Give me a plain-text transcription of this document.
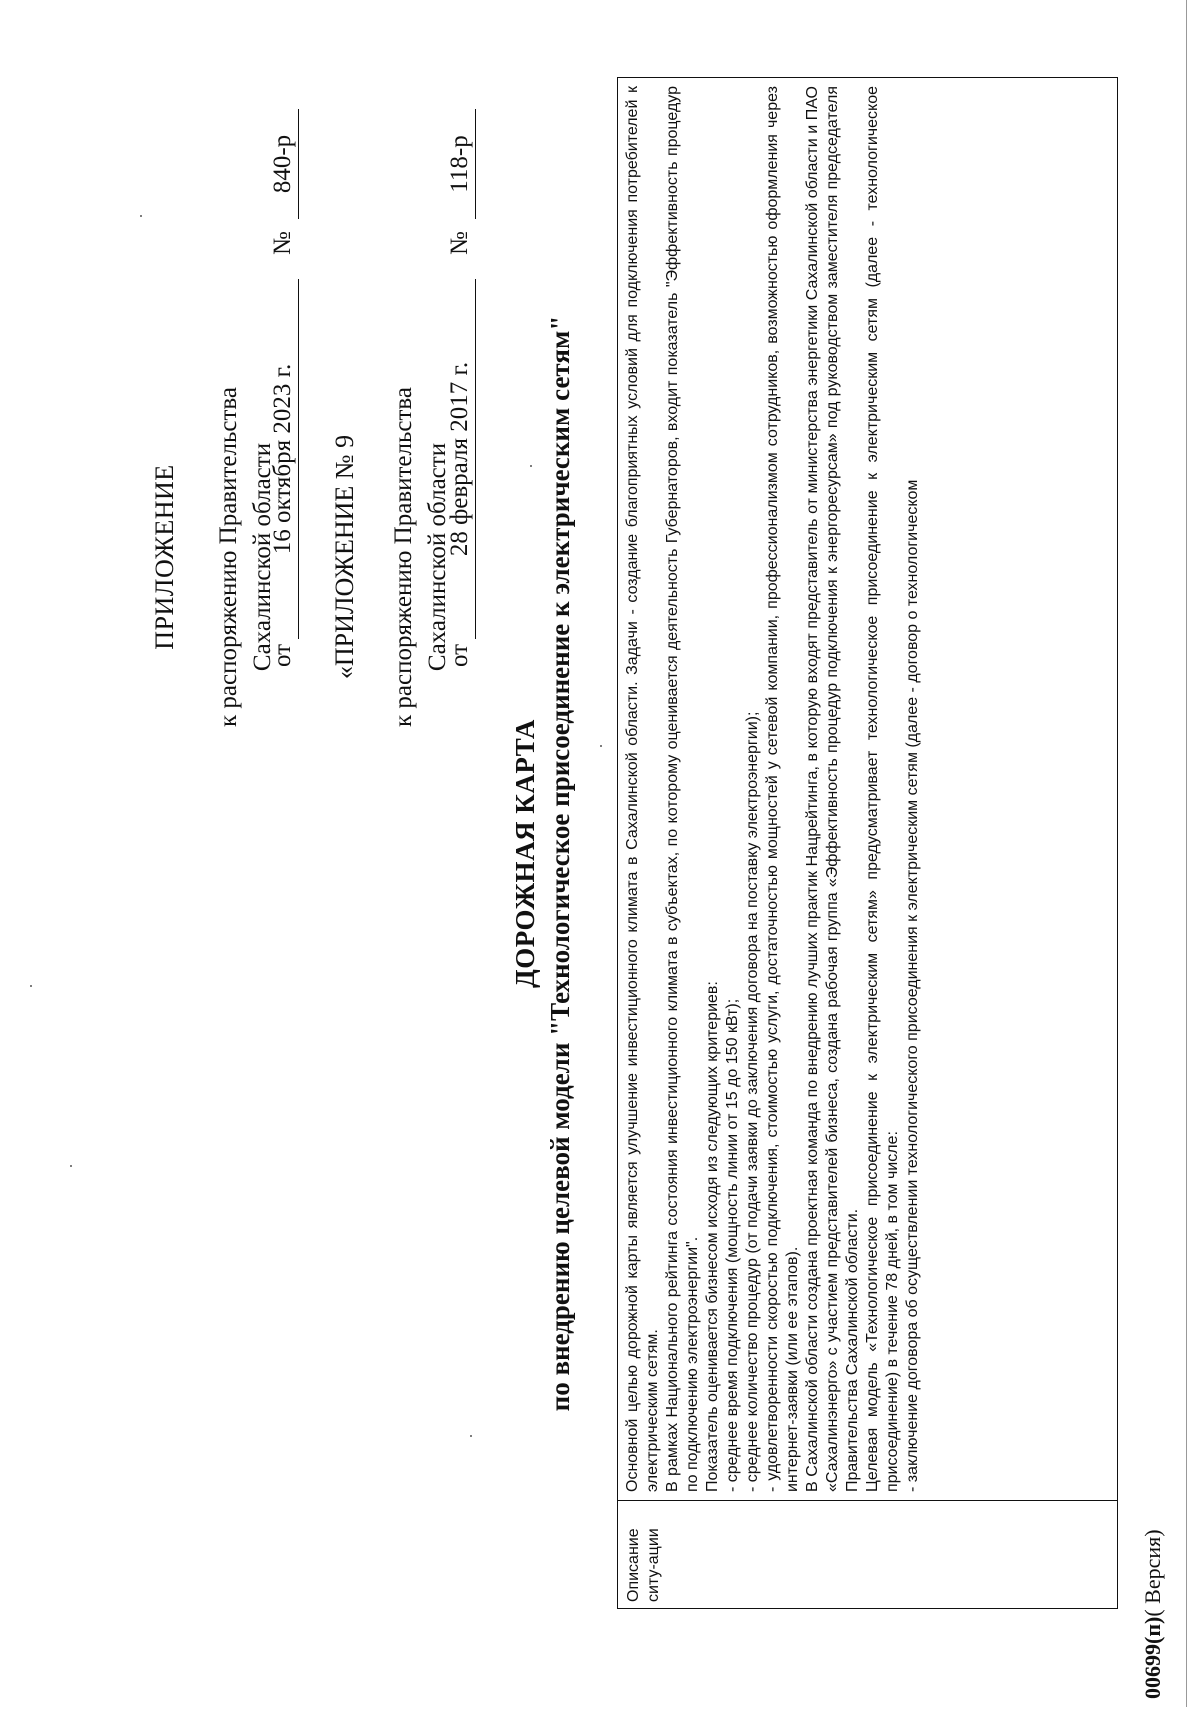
ПРИЛОЖЕНИЕ к распоряжению Правительства Сахалинской области
от
16 октября 2023 г.
№
840-р
«ПРИЛОЖЕНИЕ № 9 к распоряжению Правительства Сахалинской области
от
28 февраля 2017 г.
№
118-р
ДОРОЖНАЯ КАРТА по внедрению целевой модели "Технологическое присоединение к электрическим сетям"
Описание ситу-ации

Основной целью дорожной карты является улучшение инвестиционного климата в Сахалинской области. Задачи - создание благоприятных условий для подключения потребителей к электрическим сетям. В рамках Национального рейтинга состояния инвестиционного климата в субъектах, по которому оценивается деятельность Губернаторов, входит показатель "Эффективность процедур по подключению электроэнергии". Показатель оценивается бизнесом исходя из следующих критериев: - среднее время подключения (мощность линии от 15 до 150 кВт); - среднее количество процедур (от подачи заявки до заключения договора на поставку электроэнергии); - удовлетворенности скоростью подключения, стоимостью услуги, достаточностью мощностей у сетевой компании, профессионализмом сотрудников, возможностью оформления через интернет-заявки (или ее этапов). В Сахалинской области создана проектная команда по внедрению лучших практик Нацрейтинга, в которую входят представитель от министерства энергетики Сахалинской области и ПАО «Сахалинэнерго» с участием представителей бизнеса, создана рабочая группа «Эффективность процедур подключения к энергоресурсам» под руководством заместителя председателя Правительства Сахалинской области. Целевая модель «Технологическое присоединение к электрическим сетям» предусматривает технологическое присоединение к электрическим сетям (далее - технологическое присоединение) в течение 78 дней, в том числе: - заключение договора об осуществлении технологического присоединения к электрическим сетям (далее - договор о технологическом

00699(п)( Версия)
